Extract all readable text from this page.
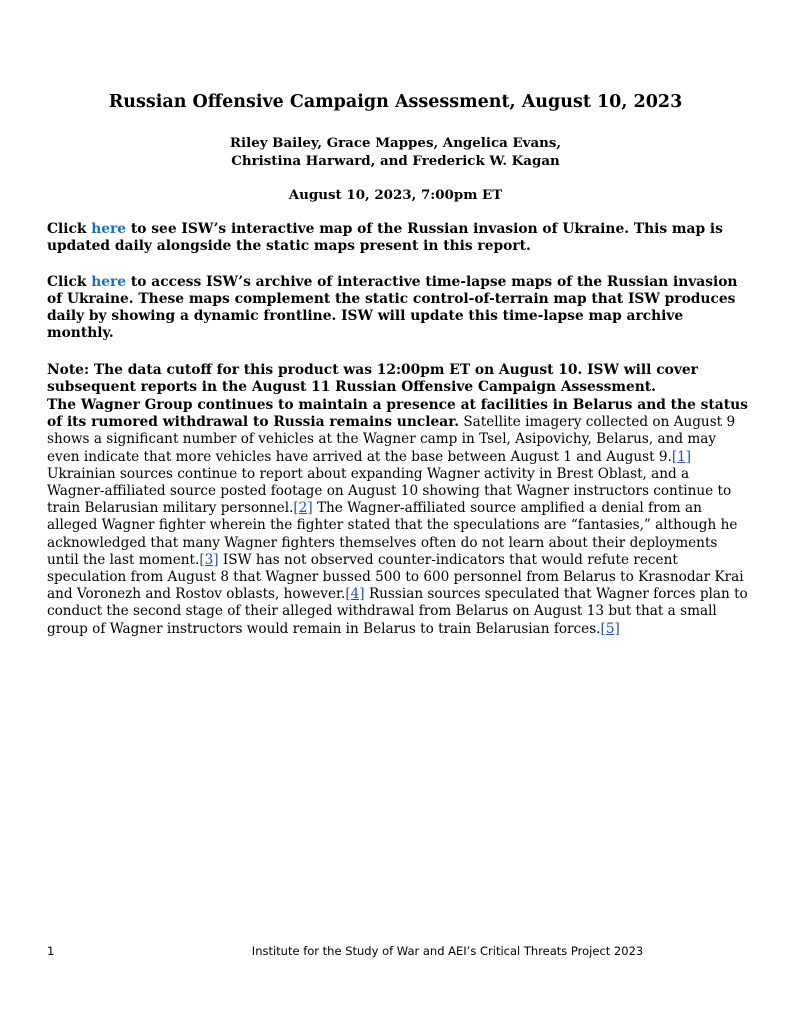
Russian Offensive Campaign Assessment, August 10, 2023
Riley Bailey, Grace Mappes, Angelica Evans,
Christina Harward, and Frederick W. Kagan
August 10, 2023, 7:00pm ET
Click here to see ISW’s interactive map of the Russian invasion of Ukraine. This map is updated daily alongside the static maps present in this report.
Click here to access ISW’s archive of interactive time-lapse maps of the Russian invasion of Ukraine. These maps complement the static control-of-terrain map that ISW produces daily by showing a dynamic frontline. ISW will update this time-lapse map archive monthly.
Note: The data cutoff for this product was 12:00pm ET on August 10. ISW will cover subsequent reports in the August 11 Russian Offensive Campaign Assessment.
The Wagner Group continues to maintain a presence at facilities in Belarus and the status of its rumored withdrawal to Russia remains unclear. Satellite imagery collected on August 9 shows a significant number of vehicles at the Wagner camp in Tsel, Asipovichy, Belarus, and may even indicate that more vehicles have arrived at the base between August 1 and August 9.[1] Ukrainian sources continue to report about expanding Wagner activity in Brest Oblast, and a Wagner-affiliated source posted footage on August 10 showing that Wagner instructors continue to train Belarusian military personnel.[2] The Wagner-affiliated source amplified a denial from an alleged Wagner fighter wherein the fighter stated that the speculations are “fantasies,” although he acknowledged that many Wagner fighters themselves often do not learn about their deployments until the last moment.[3] ISW has not observed counter-indicators that would refute recent speculation from August 8 that Wagner bussed 500 to 600 personnel from Belarus to Krasnodar Krai and Voronezh and Rostov oblasts, however.[4] Russian sources speculated that Wagner forces plan to conduct the second stage of their alleged withdrawal from Belarus on August 13 but that a small group of Wagner instructors would remain in Belarus to train Belarusian forces.[5]
1	Institute for the Study of War and AEI’s Critical Threats Project 2023
